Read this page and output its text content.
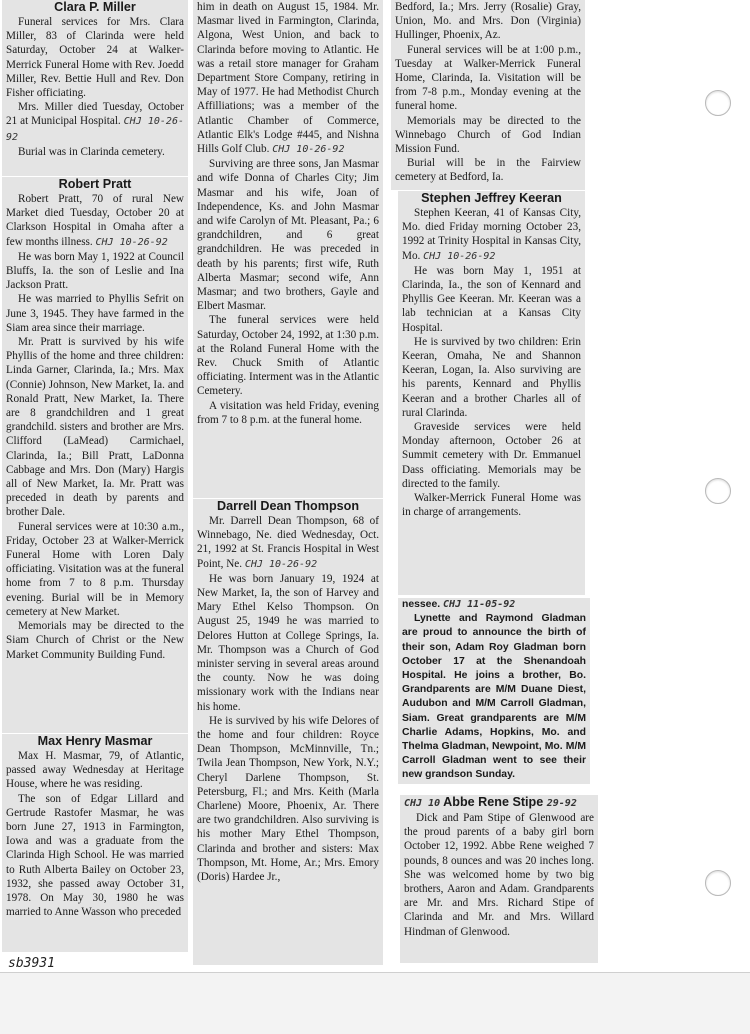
Clara P. Miller

Funeral services for Mrs. Clara Miller, 83 of Clarinda were held Saturday, October 24 at Walker-Merrick Funeral Home with Rev. Joedd Miller, Rev. Bettie Hull and Rev. Don Fisher officiating.

Mrs. Miller died Tuesday, October 21 at Municipal Hospital. CHJ 10-26-92

Burial was in Clarinda cemetery.

Robert Pratt

Robert Pratt, 70 of rural New Market died Tuesday, October 20 at Clarkson Hospital in Omaha after a few months illness. CHJ 10-26-92

He was born May 1, 1922 at Council Bluffs, Ia. the son of Leslie and Ina Jackson Pratt.

He was married to Phyllis Sefrit on June 3, 1945. They have farmed in the Siam area since their marriage.

Mr. Pratt is survived by his wife Phyllis of the home and three children: Linda Garner, Clarinda, Ia.; Mrs. Max (Connie) Johnson, New Market, Ia. and Ronald Pratt, New Market, Ia. There are 8 grandchildren and 1 great grandchild. sisters and brother are Mrs. Clifford (LaMead) Carmichael, Clarinda, Ia.; Bill Pratt, LaDonna Cabbage and Mrs. Don (Mary) Hargis all of New Market, Ia. Mr. Pratt was preceded in death by parents and brother Dale.

Funeral services were at 10:30 a.m., Friday, October 23 at Walker-Merrick Funeral Home with Loren Daly officiating. Visitation was at the funeral home from 7 to 8 p.m. Thursday evening. Burial will be in Memory cemetery at New Market.

Memorials may be directed to the Siam Church of Christ or the New Market Community Building Fund.

Max Henry Masmar

Max H. Masmar, 79, of Atlantic, passed away Wednesday at Heritage House, where he was residing.

The son of Edgar Lillard and Gertrude Rastofer Masmar, he was born June 27, 1913 in Farmington, Iowa and was a graduate from the Clarinda High School. He was married to Ruth Alberta Bailey on October 23, 1932, she passed away October 31, 1978. On May 30, 1980 he was married to Anne Wasson who preceded

him in death on August 15, 1984. Mr. Masmar lived in Farmington, Clarinda, Algona, West Union, and back to Clarinda before moving to Atlantic. He was a retail store manager for Graham Department Store Company, retiring in May of 1977. He had Methodist Church Affilliations; was a member of the Atlantic Chamber of Commerce, Atlantic Elk's Lodge #445, and Nishna Hills Golf Club. CHJ 10-26-92

Surviving are three sons, Jan Masmar and wife Donna of Charles City; Jim Masmar and his wife, Joan of Independence, Ks. and John Masmar and wife Carolyn of Mt. Pleasant, Pa.; 6 grandchildren, and 6 great grandchildren. He was preceded in death by his parents; first wife, Ruth Alberta Masmar; second wife, Ann Masmar; and two brothers, Gayle and Elbert Masmar.

The funeral services were held Saturday, October 24, 1992, at 1:30 p.m. at the Roland Funeral Home with the Rev. Chuck Smith of Atlantic officiating. Interment was in the Atlantic Cemetery.

A visitation was held Friday, evening from 7 to 8 p.m. at the funeral home.

Darrell Dean Thompson

Mr. Darrell Dean Thompson, 68 of Winnebago, Ne. died Wednesday, Oct. 21, 1992 at St. Francis Hospital in West Point, Ne. CHJ 10-26-92

He was born January 19, 1924 at New Market, Ia, the son of Harvey and Mary Ethel Kelso Thompson. On August 25, 1949 he was married to Delores Hutton at College Springs, Ia. Mr. Thompson was a Church of God minister serving in several areas around the county. Now he was doing missionary work with the Indians near his home.

He is survived by his wife Delores of the home and four children: Royce Dean Thompson, McMinnville, Tn.; Twila Jean Thompson, New York, N.Y.; Cheryl Darlene Thompson, St. Petersburg, Fl.; and Mrs. Keith (Marla Charlene) Moore, Phoenix, Ar. There are two grandchildren. Also surviving is his mother Mary Ethel Thompson, Clarinda and brother and sisters: Max Thompson, Mt. Home, Ar.; Mrs. Emory (Doris) Hardee Jr.,

Bedford, Ia.; Mrs. Jerry (Rosalie) Gray, Union, Mo. and Mrs. Don (Virginia) Hullinger, Phoenix, Az.

Funeral services will be at 1:00 p.m., Tuesday at Walker-Merrick Funeral Home, Clarinda, Ia. Visitation will be from 7-8 p.m., Monday evening at the funeral home.

Memorials may be directed to the Winnebago Church of God Indian Mission Fund.

Burial will be in the Fairview cemetery at Bedford, Ia.

Stephen Jeffrey Keeran

Stephen Keeran, 41 of Kansas City, Mo. died Friday morning October 23, 1992 at Trinity Hospital in Kansas City, Mo. CHJ 10-26-92

He was born May 1, 1951 at Clarinda, Ia., the son of Kennard and Phyllis Gee Keeran. Mr. Keeran was a lab technician at a Kansas City Hospital.

He is survived by two children: Erin Keeran, Omaha, Ne and Shannon Keeran, Logan, Ia. Also surviving are his parents, Kennard and Phyllis Keeran and a brother Charles all of rural Clarinda.

Graveside services were held Monday afternoon, October 26 at Summit cemetery with Dr. Emmanuel Dass officiating. Memorials may be directed to the family.

Walker-Merrick Funeral Home was in charge of arrangements.

nessee. CHJ 11-05-92

Lynette and Raymond Gladman are proud to announce the birth of their son, Adam Roy Gladman born October 17 at the Shenandoah Hospital. He joins a brother, Bo. Grandparents are M/M Duane Diest, Audubon and M/M Carroll Gladman, Siam. Great grandparents are M/M Charlie Adams, Hopkins, Mo. and Thelma Gladman, Newpoint, Mo. M/M Carroll Gladman went to see their new grandson Sunday.

CHJ 10 Abbe Rene Stipe 29-92

Dick and Pam Stipe of Glenwood are the proud parents of a baby girl born October 12, 1992. Abbe Rene weighed 7 pounds, 8 ounces and was 20 inches long. She was welcomed home by two big brothers, Aaron and Adam. Grandparents are Mr. and Mrs. Richard Stipe of Clarinda and Mr. and Mrs. Willard Hindman of Glenwood.

sb3931
